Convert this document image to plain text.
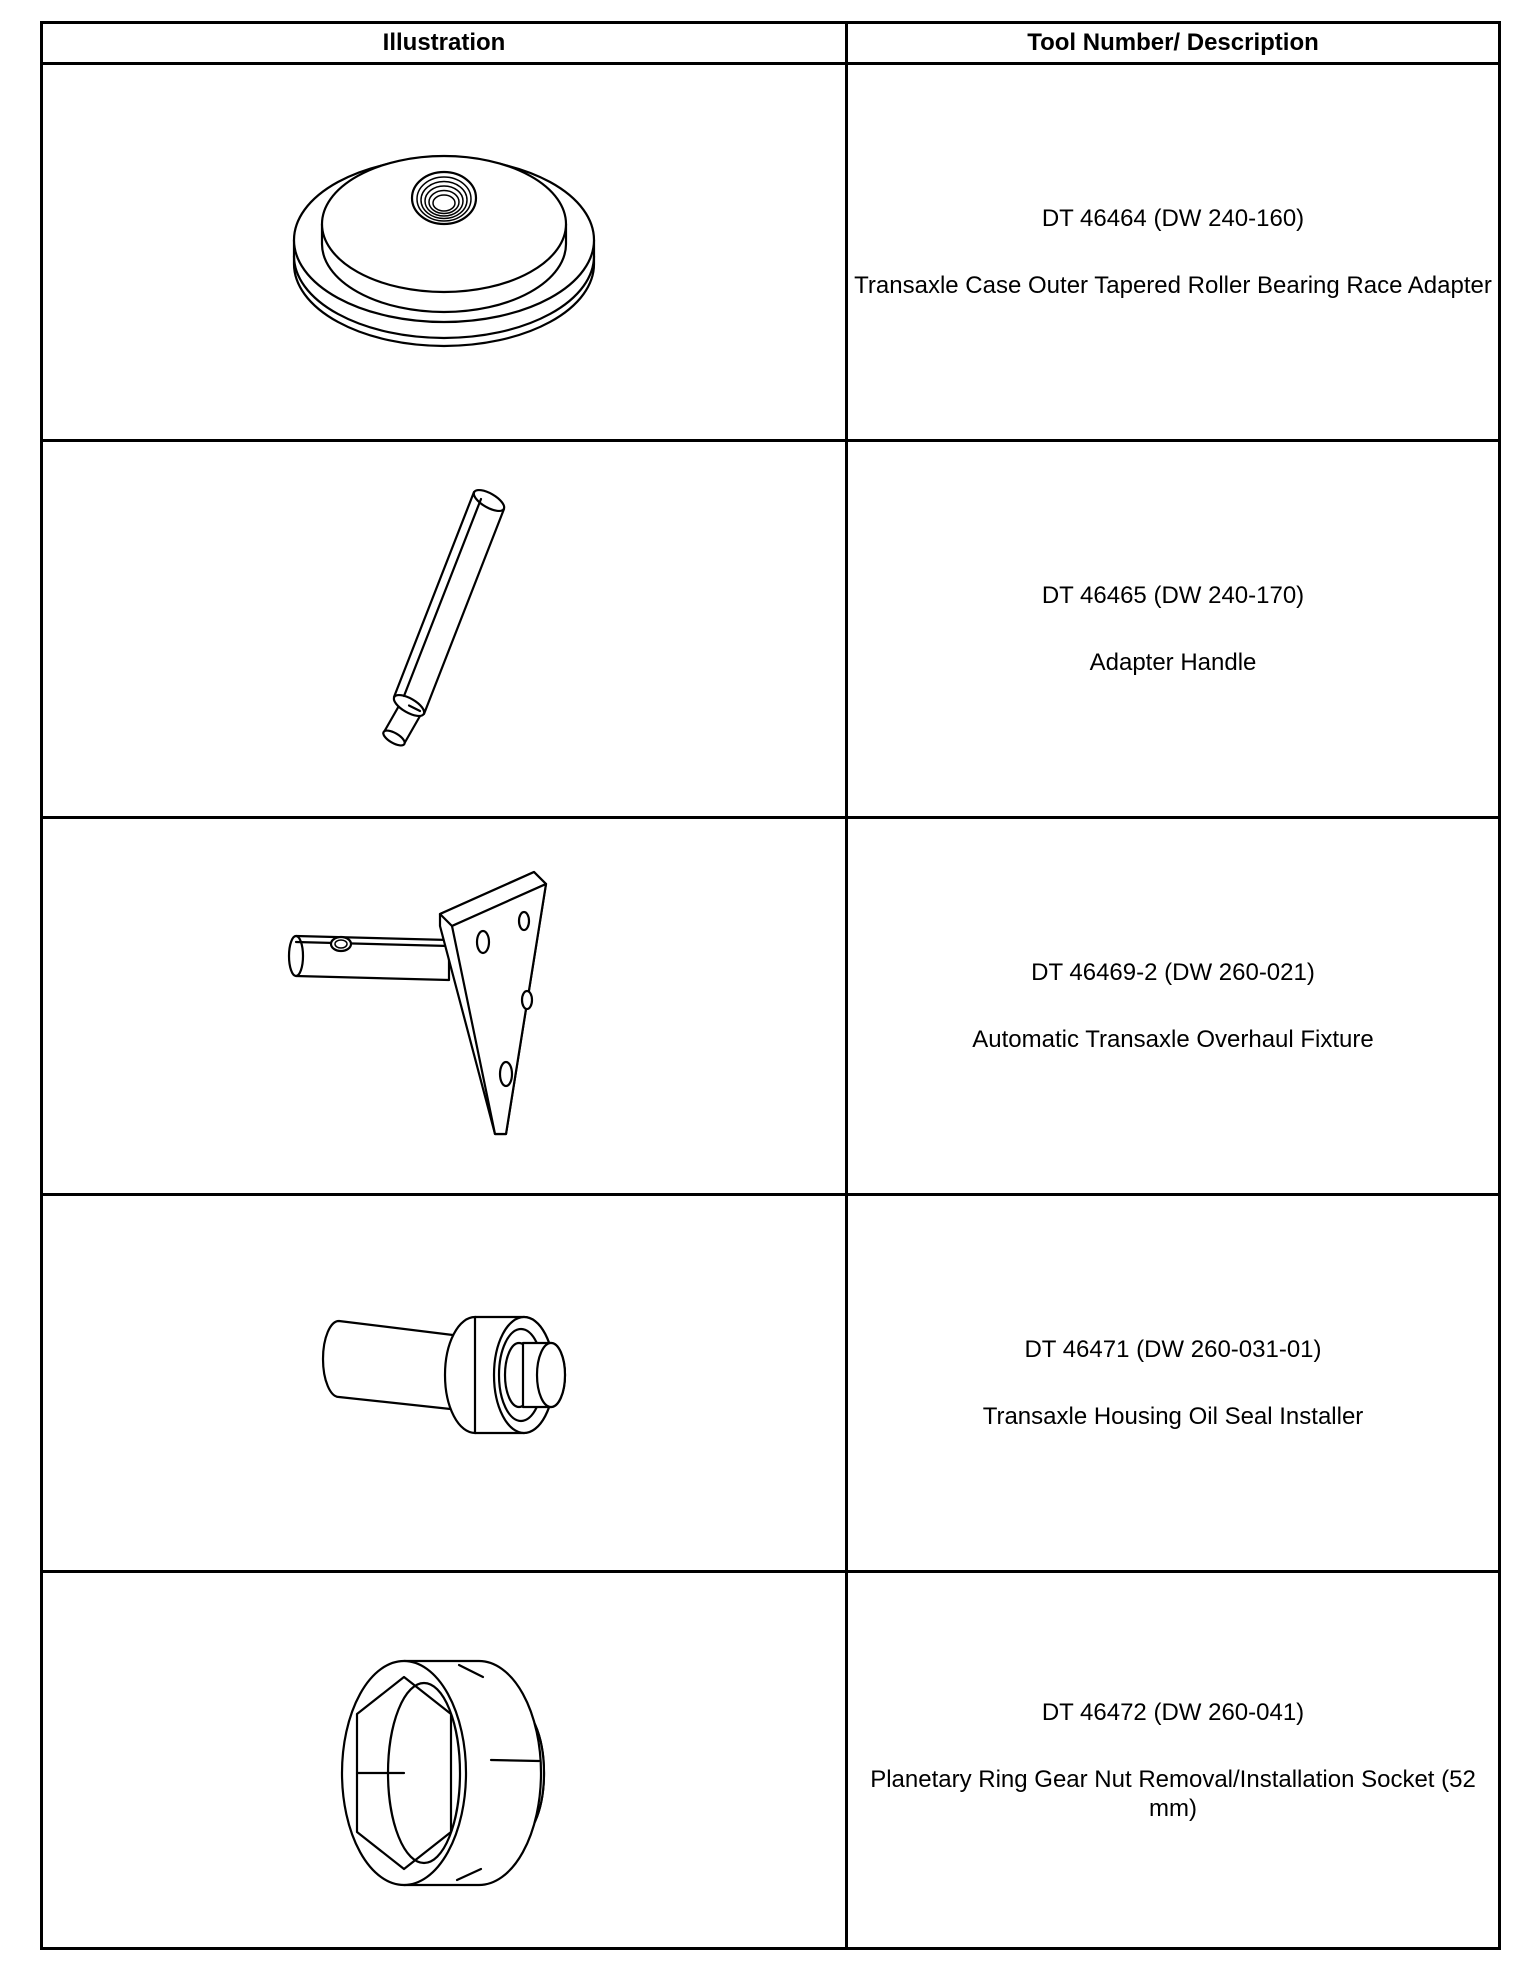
Illustration	Tool Number/ Description

DT 46464 (DW 240-160)
Transaxle Case Outer Tapered Roller Bearing Race Adapter

DT 46465 (DW 240-170)
Adapter Handle

DT 46469-2 (DW 260-021)
Automatic Transaxle Overhaul Fixture

DT 46471 (DW 260-031-01)
Transaxle Housing Oil Seal Installer

DT 46472 (DW 260-041)
Planetary Ring Gear Nut Removal/Installation Socket (52 mm)
